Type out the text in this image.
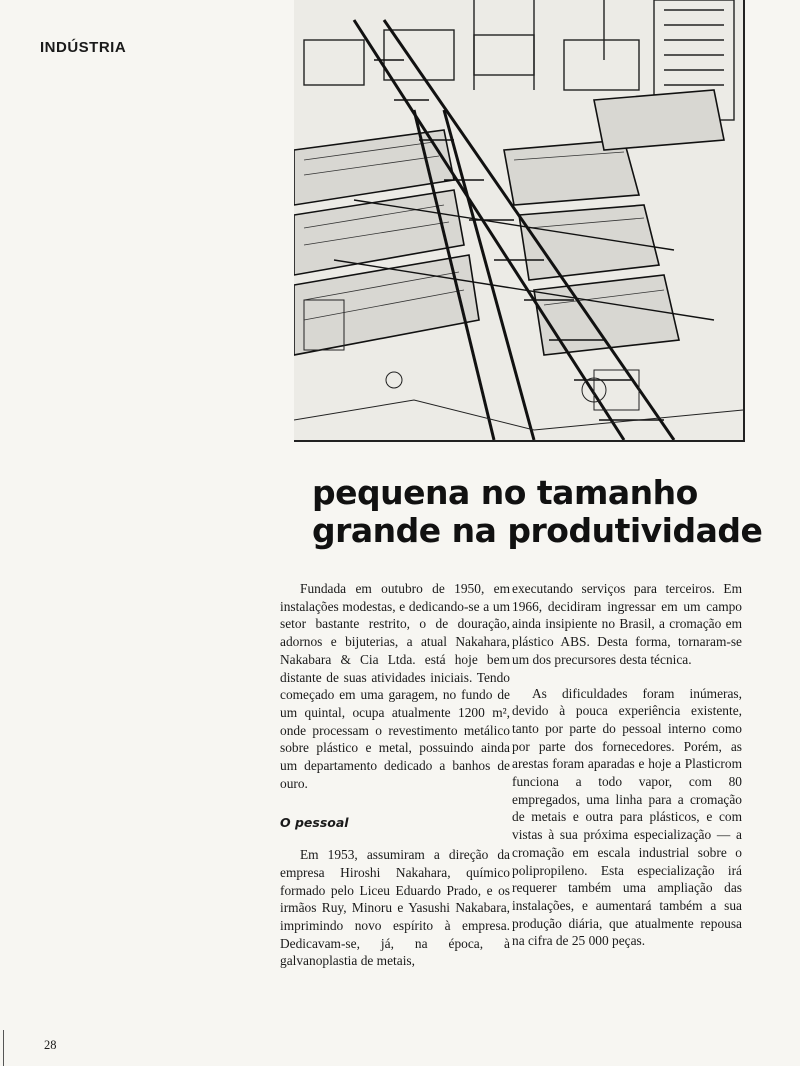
INDÚSTRIA
pequena no tamanho
grande na produtividade

Fundada em outubro de 1950, em instalações modestas, e dedicando-se a um setor bastante restrito, o de douração, adornos e bijuterias, a atual Nakahara, Nakabara & Cia Ltda. está hoje bem distante de suas atividades iniciais. Tendo começado em uma garagem, no fundo de um quintal, ocupa atualmente 1200 m², onde processam o revestimento metálico sobre plástico e metal, possuindo ainda um departamento dedicado a banhos de ouro.

O pessoal

Em 1953, assumiram a direção da empresa Hiroshi Nakahara, químico formado pelo Liceu Eduardo Prado, e os irmãos Ruy, Minoru e Yasushi Nakabara, imprimindo novo espírito à empresa. Dedicavam-se, já, na época, à galvanoplastia de metais,

executando serviços para terceiros. Em 1966, decidiram ingressar em um campo ainda insipiente no Brasil, a cromação em plástico ABS. Desta forma, tornaram-se um dos precursores desta técnica.

As dificuldades foram inúmeras, devido à pouca experiência existente, tanto por parte do pessoal interno como por parte dos fornecedores. Porém, as arestas foram aparadas e hoje a Plasticrom funciona a todo vapor, com 80 empregados, uma linha para a cromação de metais e outra para plásticos, e com vistas à sua próxima especialização — a cromação em escala industrial sobre o polipropileno. Esta especialização irá requerer também uma ampliação das instalações, e aumentará também a sua produção diária, que atualmente repousa na cifra de 25 000 peças.

28
